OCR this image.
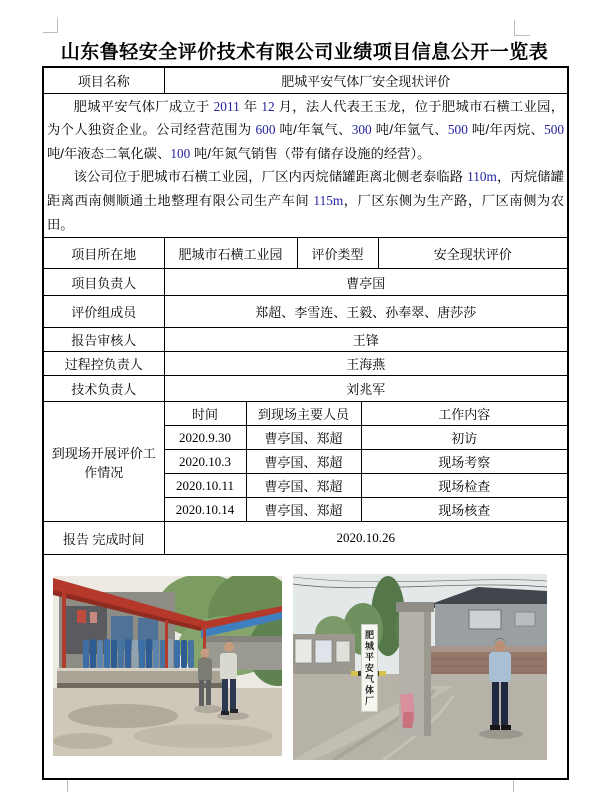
山东鲁轻安全评价技术有限公司业绩项目信息公开一览表
项目名称	肥城平安气体厂安全现状评价				

肥城平安气体厂成立于 2011 年 12 月，法人代表王玉龙，位于肥城市石横工业园，为个人独资企业。公司经营范围为 600 吨/年氧气、300 吨/年氩气、500 吨/年丙烷、500 吨/年液态二氧化碳、100 吨/年氮气销售（带有储存设施的经营）。

该公司位于肥城市石横工业园，厂区内丙烷储罐距离北侧老泰临路 110m，丙烷储罐距离西南侧顺通土地整理有限公司生产车间 115m，厂区东侧为生产路，厂区南侧为农田。					

项目所在地	肥城市石横工业园		评价类型		安全现状评价
项目负责人	曹亭国				
评价组成员	郑超、李雪连、王毅、孙奉翠、唐莎莎				
报告审核人	王锋				
过程控负责人	王海燕				
技术负责人	刘兆军				
到现场开展评价工作情况	时间	到现场主要人员		工作内容	
	2020.9.30	曹亭国、郑超		初访	
	2020.10.3	曹亭国、郑超		现场考察	
	2020.10.11	曹亭国、郑超		现场检查	
	2020.10.14	曹亭国、郑超		现场核查	
报告 完成时间	2020.10.26				

肥城平安气体厂					
